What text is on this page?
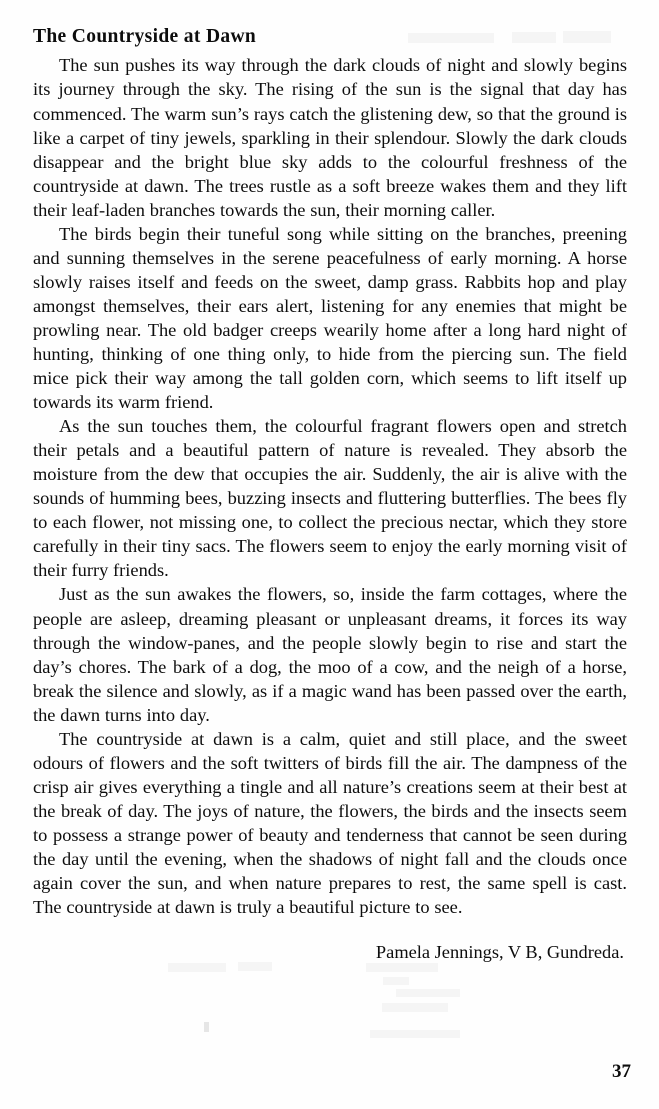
The Countryside at Dawn

The sun pushes its way through the dark clouds of night and slowly begins its journey through the sky. The rising of the sun is the signal that day has commenced. The warm sun’s rays catch the glistening dew, so that the ground is like a carpet of tiny jewels, sparkling in their splendour. Slowly the dark clouds disappear and the bright blue sky adds to the colourful freshness of the countryside at dawn. The trees rustle as a soft breeze wakes them and they lift their leaf-laden branches towards the sun, their morning caller.

The birds begin their tuneful song while sitting on the branches, preening and sunning themselves in the serene peacefulness of early morning. A horse slowly raises itself and feeds on the sweet, damp grass. Rabbits hop and play amongst themselves, their ears alert, listening for any enemies that might be prowling near. The old badger creeps wearily home after a long hard night of hunting, thinking of one thing only, to hide from the piercing sun. The field mice pick their way among the tall golden corn, which seems to lift itself up towards its warm friend.

As the sun touches them, the colourful fragrant flowers open and stretch their petals and a beautiful pattern of nature is revealed. They absorb the moisture from the dew that occupies the air. Suddenly, the air is alive with the sounds of humming bees, buzzing insects and fluttering butterflies. The bees fly to each flower, not missing one, to collect the precious nectar, which they store carefully in their tiny sacs. The flowers seem to enjoy the early morning visit of their furry friends.

Just as the sun awakes the flowers, so, inside the farm cottages, where the people are asleep, dreaming pleasant or unpleasant dreams, it forces its way through the window-panes, and the people slowly begin to rise and start the day’s chores. The bark of a dog, the moo of a cow, and the neigh of a horse, break the silence and slowly, as if a magic wand has been passed over the earth, the dawn turns into day.

The countryside at dawn is a calm, quiet and still place, and the sweet odours of flowers and the soft twitters of birds fill the air. The dampness of the crisp air gives everything a tingle and all nature’s creations seem at their best at the break of day. The joys of nature, the flowers, the birds and the insects seem to possess a strange power of beauty and tenderness that cannot be seen during the day until the evening, when the shadows of night fall and the clouds once again cover the sun, and when nature prepares to rest, the same spell is cast. The countryside at dawn is truly a beautiful picture to see.

Pamela Jennings, V B, Gundreda.

37
